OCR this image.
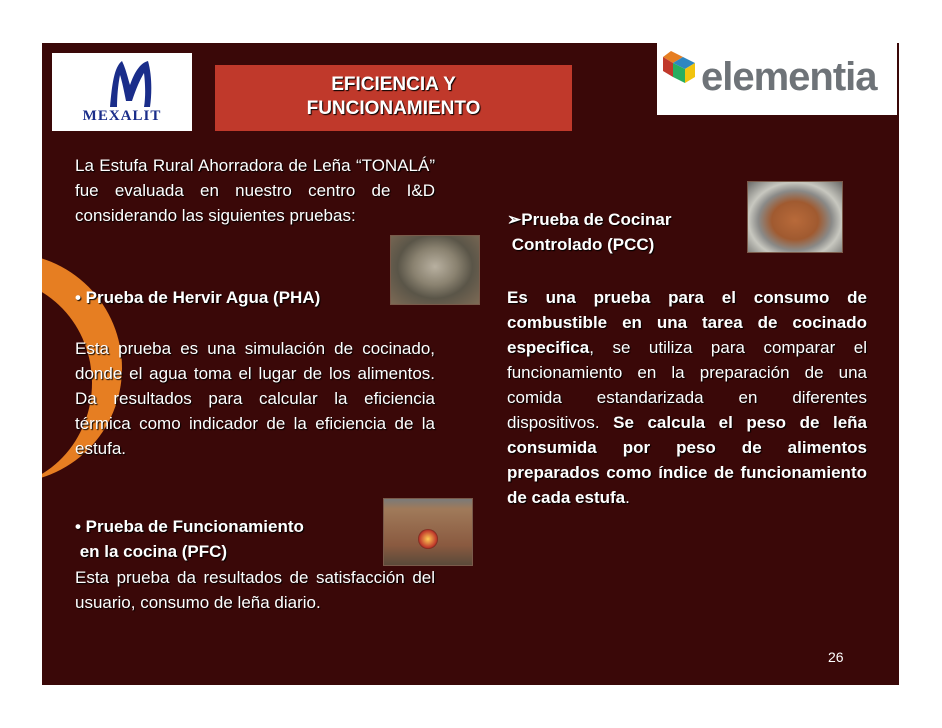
MEXALIT
EFICIENCIA Y
FUNCIONAMIENTO
elementia

La Estufa Rural Ahorradora de Leña “TONALÁ” fue evaluada en nuestro centro de I&D considerando las siguientes pruebas:

• Prueba de Hervir Agua (PHA)

Esta prueba es una simulación de cocinado, donde el agua toma el lugar de los alimentos. Da resultados para calcular la eficiencia térmica como indicador de la eficiencia de la estufa.

• Prueba de Funcionamiento

en la cocina (PFC)

Esta prueba da resultados de satisfacción del usuario, consumo de leña diario.

➢Prueba de Cocinar

Controlado (PCC)

Es una prueba para el consumo de combustible en una tarea de cocinado especifica, se utiliza para comparar el funcionamiento en la preparación de una comida estandarizada en diferentes dispositivos. Se calcula el peso de leña consumida por peso de alimentos preparados como índice de funcionamiento de cada estufa.

26
